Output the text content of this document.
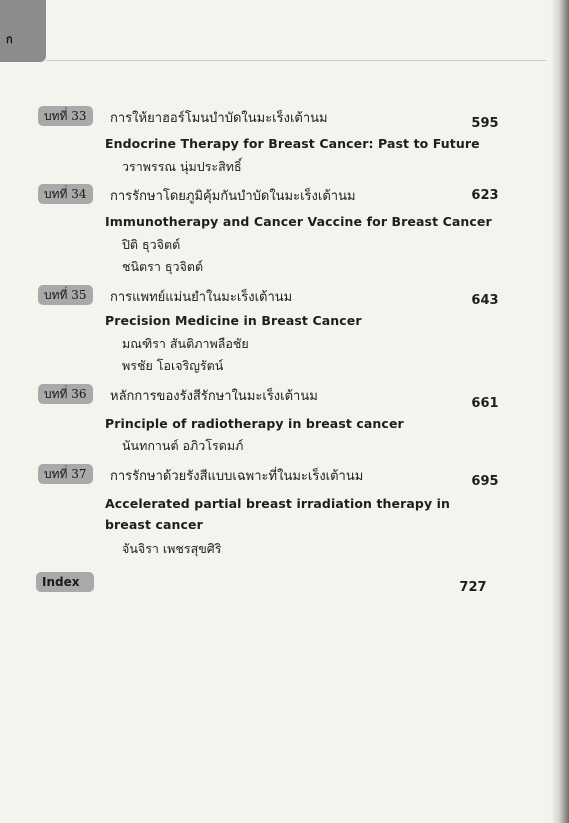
ก
บทที่ 33	การให้ยาฮอร์โมนบำบัดในมะเร็งเต้านม	595
Endocrine Therapy for Breast Cancer: Past to Future
วราพรรณ นุ่มประสิทธิ์
บทที่ 34	การรักษาโดยภูมิคุ้มกันบำบัดในมะเร็งเต้านม	623
Immunotherapy and Cancer Vaccine for Breast Cancer
ปิติ ธุวจิตต์
ชนิตรา ธุวจิตต์
บทที่ 35	การแพทย์แม่นยำในมะเร็งเต้านม	643
Precision Medicine in Breast Cancer
มณฑิรา สันติภาพลือชัย
พรชัย โอเจริญรัตน์
บทที่ 36	หลักการของรังสีรักษาในมะเร็งเต้านม	661
Principle of radiotherapy in breast cancer
นันทกานต์ อภิวโรดมภ์
บทที่ 37	การรักษาด้วยรังสีแบบเฉพาะที่ในมะเร็งเต้านม	695
Accelerated partial breast irradiation therapy in
breast cancer
จันจิรา เพชรสุขศิริ
Index	727
